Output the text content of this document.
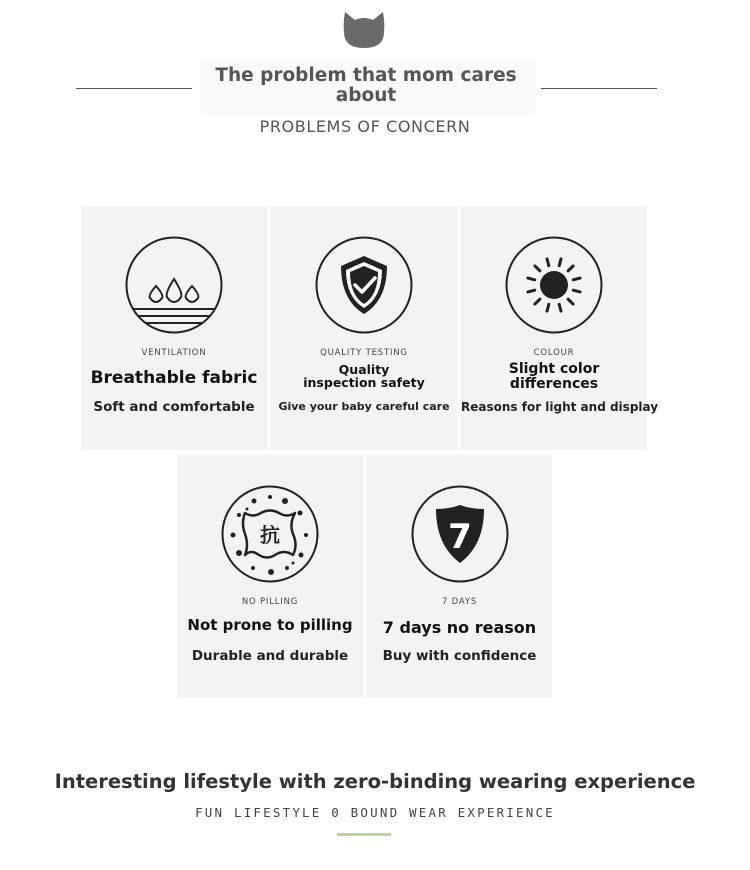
The problem that mom cares about
PROBLEMS OF CONCERN
VENTILATION
Breathable fabric
Soft and comfortable
QUALITY TESTING
Quality inspection safety
Give your baby careful care
COLOUR
Slight color differences
Reasons for light and display
抗
NO PILLING
Not prone to pilling
Durable and durable
7
7 DAYS
7 days no reason
Buy with confidence
Interesting lifestyle with zero-binding wearing experience
FUN LIFESTYLE 0 BOUND WEAR EXPERIENCE
